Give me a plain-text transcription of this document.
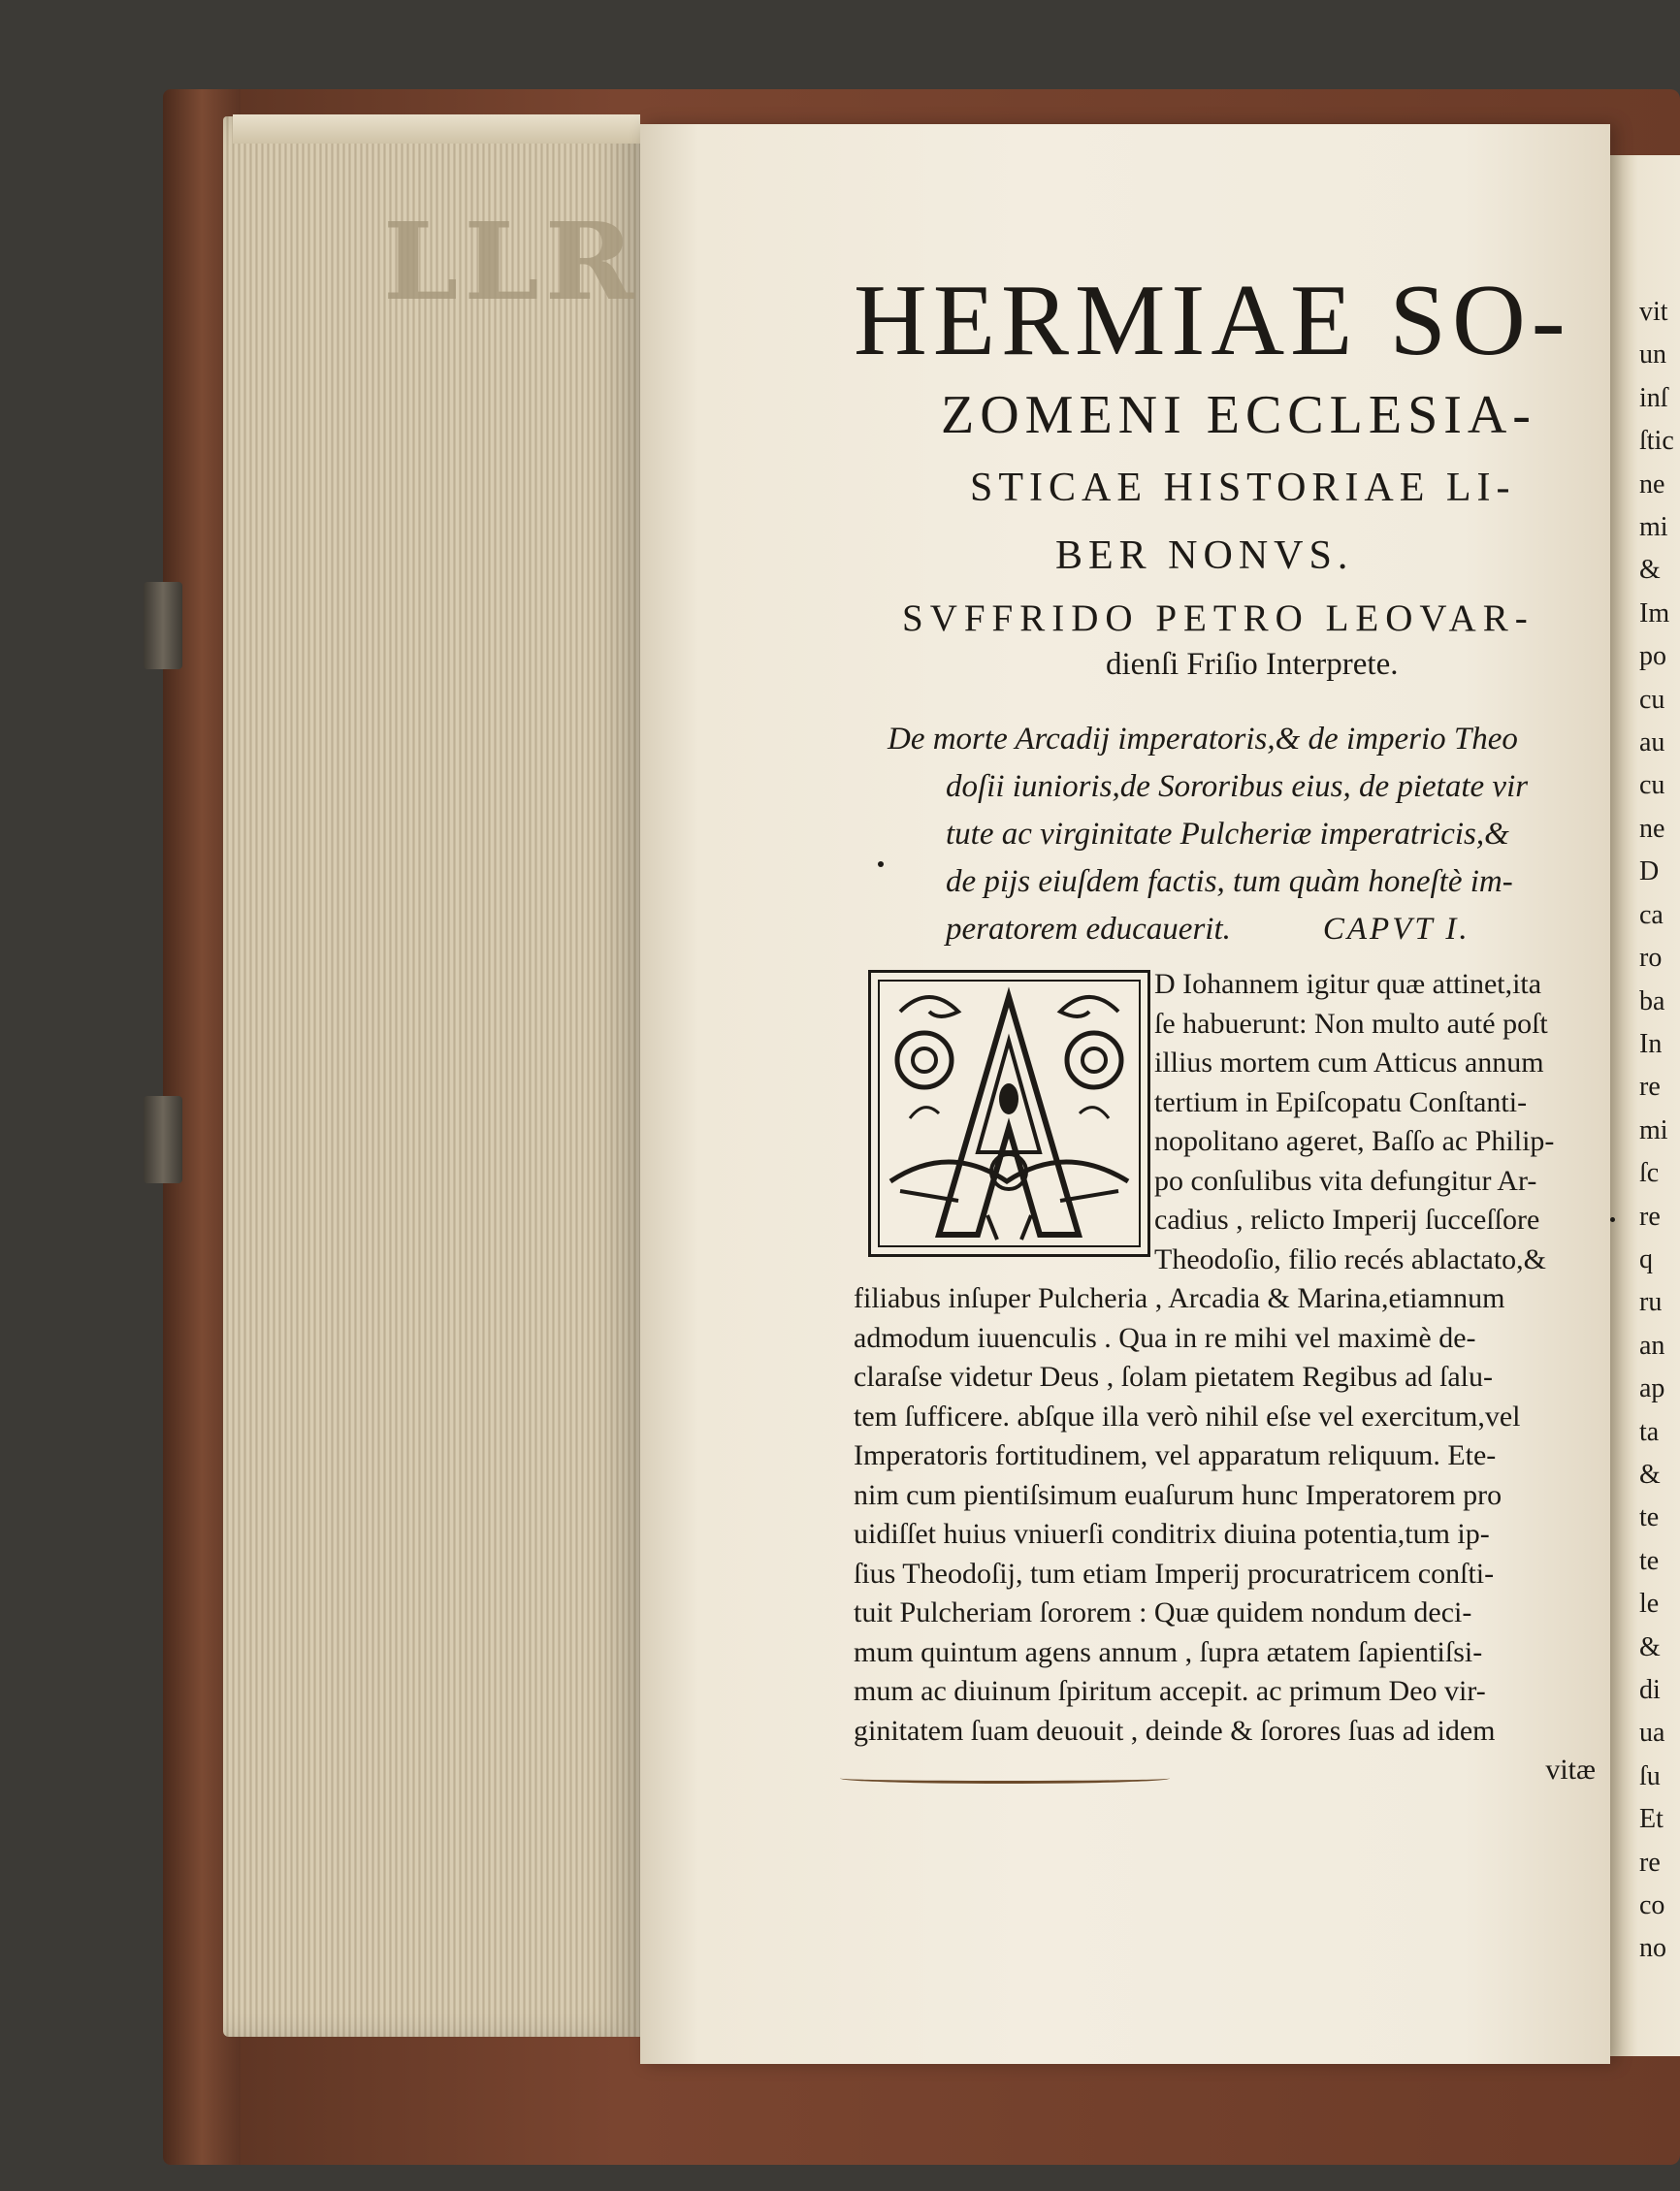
LLR	vit
un
inſ
ſtic
ne
mi
&
Im
po
cu
au
cu
ne
D
ca
ro
ba
In
re
mi
ſc
re
q
ru
an
ap
ta
&
te
te
le
&
di
ua
ſu
Et
re
co
no
HERMIAE SO-
ZOMENI ECCLESIA-
STICAE HISTORIAE LI-
BER NONVS.
SVFFRIDO PETRO LEOVAR-
dienſi Friſio Interprete.
De morte Arcadij imperatoris,& de imperio Theo
doſii iunioris,de Sororibus eius, de pietate vir
tute ac virginitate Pulcheriæ imperatricis,&
de pijs eiuſdem factis, tum quàm honeſtè im-
peratorem educauerit.	CAPVT I.
D Iohannem igitur quæ attinet,ita
ſe habuerunt: Non multo auté poſt
illius mortem cum Atticus annum
tertium in Epiſcopatu Conſtanti-
nopolitano ageret, Baſſo ac Philip-
po conſulibus vita defungitur Ar-
cadius , relicto Imperij ſucceſſore
Theodoſio, filio recés ablactato,&
filiabus inſuper Pulcheria , Arcadia & Marina,etiamnum
admodum iuuenculis . Qua in re mihi vel maximè de-
claraſse videtur Deus , ſolam pietatem Regibus ad ſalu-
tem ſufficere. abſque illa verò nihil eſse vel exercitum,vel
Imperatoris fortitudinem, vel apparatum reliquum. Ete-
nim cum pientiſsimum euaſurum hunc Imperatorem pro
uidiſſet huius vniuerſi conditrix diuina potentia,tum ip-
ſius Theodoſij, tum etiam Imperij procuratricem conſti-
tuit Pulcheriam ſororem : Quæ quidem nondum deci-
mum quintum agens annum , ſupra ætatem ſapientiſsi-
mum ac diuinum ſpiritum accepit. ac primum Deo vir-
ginitatem ſuam deuouit , deinde & ſorores ſuas ad idem
vitæ
